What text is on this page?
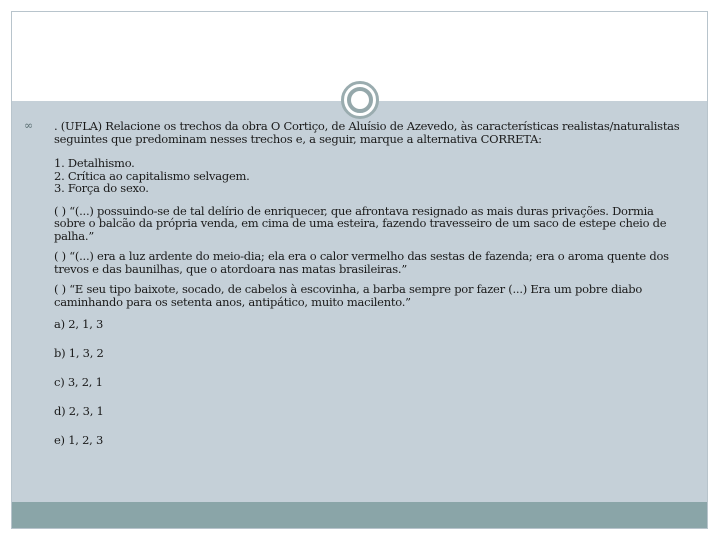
∞ . (UFLA) Relacione os trechos da obra O Cortiço, de Aluísio de Azevedo, às características realistas/naturalistas seguintes que predominam nesses trechos e, a seguir, marque a alternativa CORRETA:

1. Detalhismo.
2. Crítica ao capitalismo selvagem.
3. Força do sexo.

( ) “(...) possuindo-se de tal delírio de enriquecer, que afrontava resignado as mais duras privações. Dormia sobre o balcão da própria venda, em cima de uma esteira, fazendo travesseiro de um saco de estepe cheio de palha.”

( ) “(...) era a luz ardente do meio-dia; ela era o calor vermelho das sestas de fazenda; era o aroma quente dos trevos e das baunilhas, que o atordoara nas matas brasileiras.”

( ) “E seu tipo baixote, socado, de cabelos à escovinha, a barba sempre por fazer (...) Era um pobre diabo caminhando para os setenta anos, antipático, muito macilento.”

a) 2, 1, 3
b) 1, 3, 2
c) 3, 2, 1
d) 2, 3, 1
e) 1, 2, 3
